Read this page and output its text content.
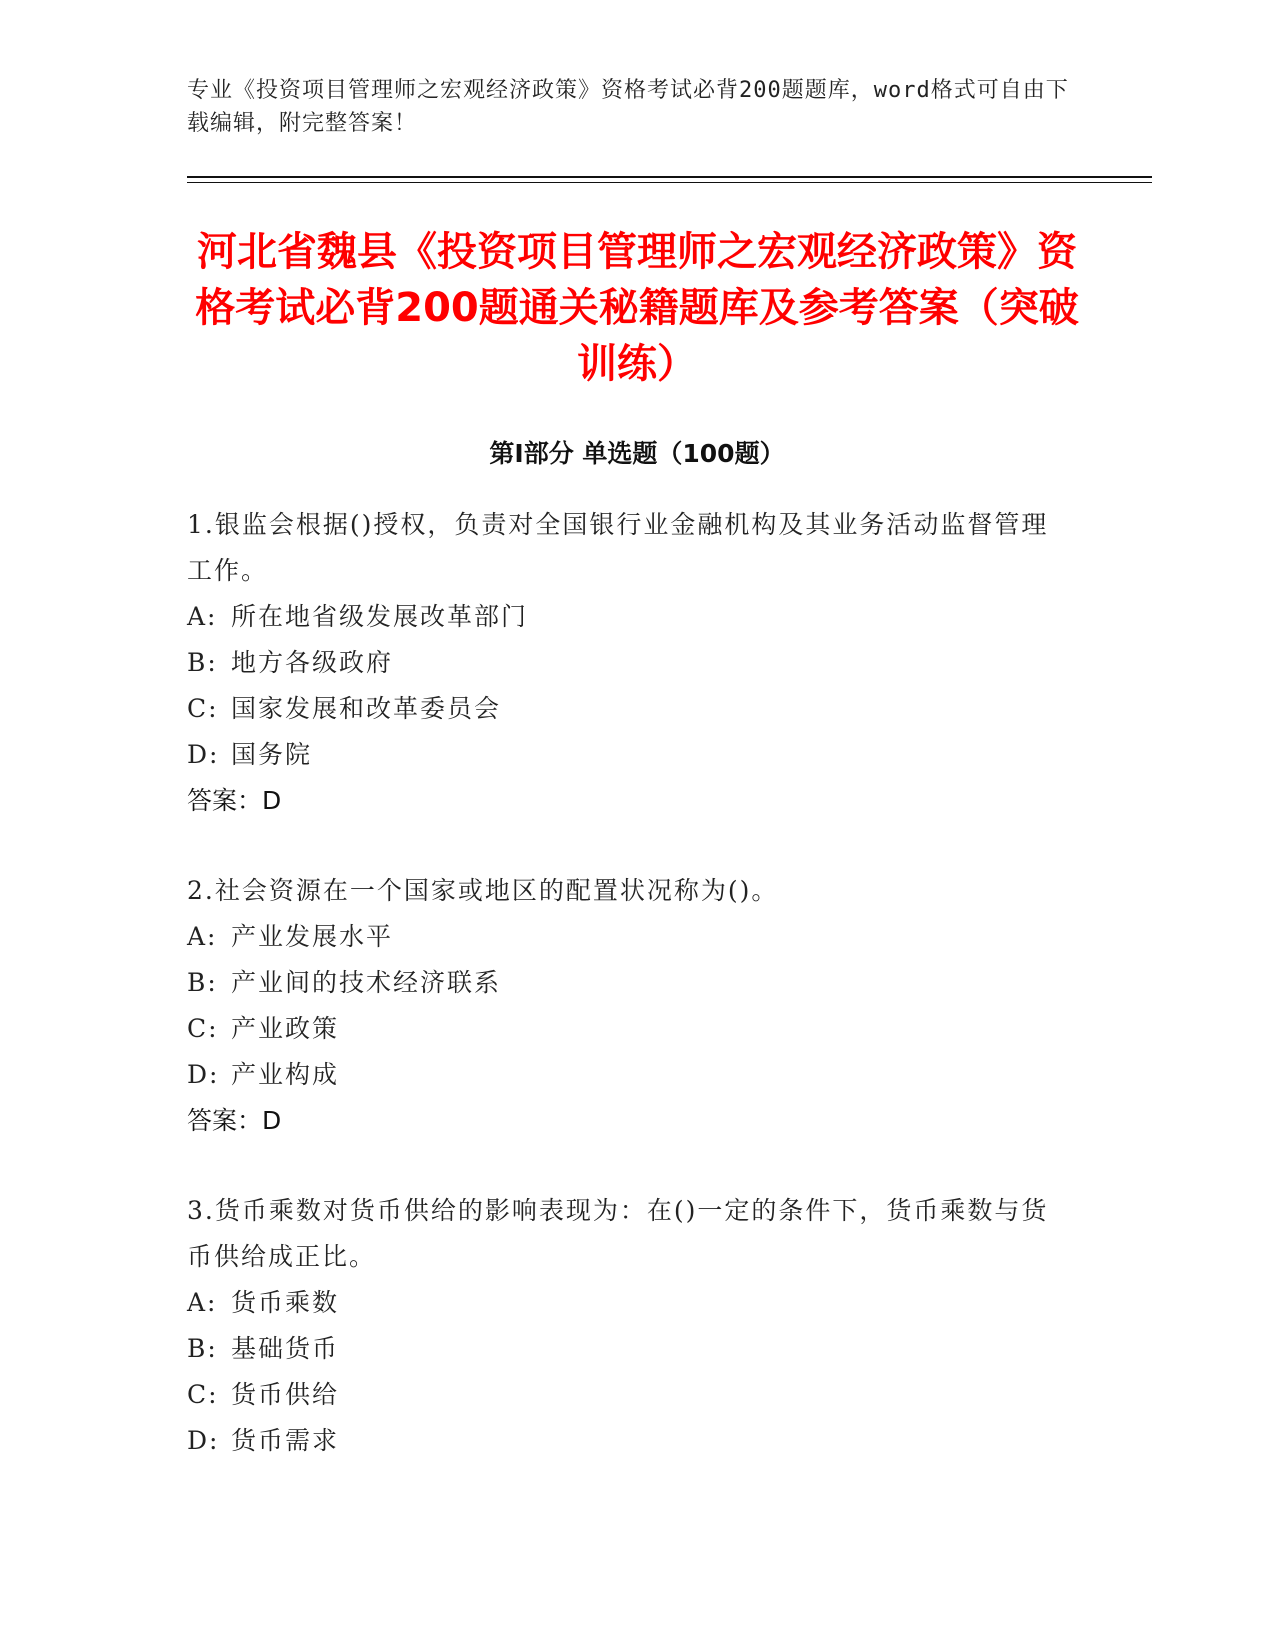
专业《投资项目管理师之宏观经济政策》资格考试必背200题题库，word格式可自由下载编辑，附完整答案！
河北省魏县《投资项目管理师之宏观经济政策》资格考试必背200题通关秘籍题库及参考答案（突破训练）
第Ⅰ部分 单选题（100题）

1.银监会根据()授权，负责对全国银行业金融机构及其业务活动监督管理工作。

A: 所在地省级发展改革部门

B: 地方各级政府

C: 国家发展和改革委员会

D: 国务院

答案：D

2.社会资源在一个国家或地区的配置状况称为()。

A: 产业发展水平

B: 产业间的技术经济联系

C: 产业政策

D: 产业构成

答案：D

3.货币乘数对货币供给的影响表现为：在()一定的条件下，货币乘数与货币供给成正比。

A: 货币乘数

B: 基础货币

C: 货币供给

D: 货币需求
